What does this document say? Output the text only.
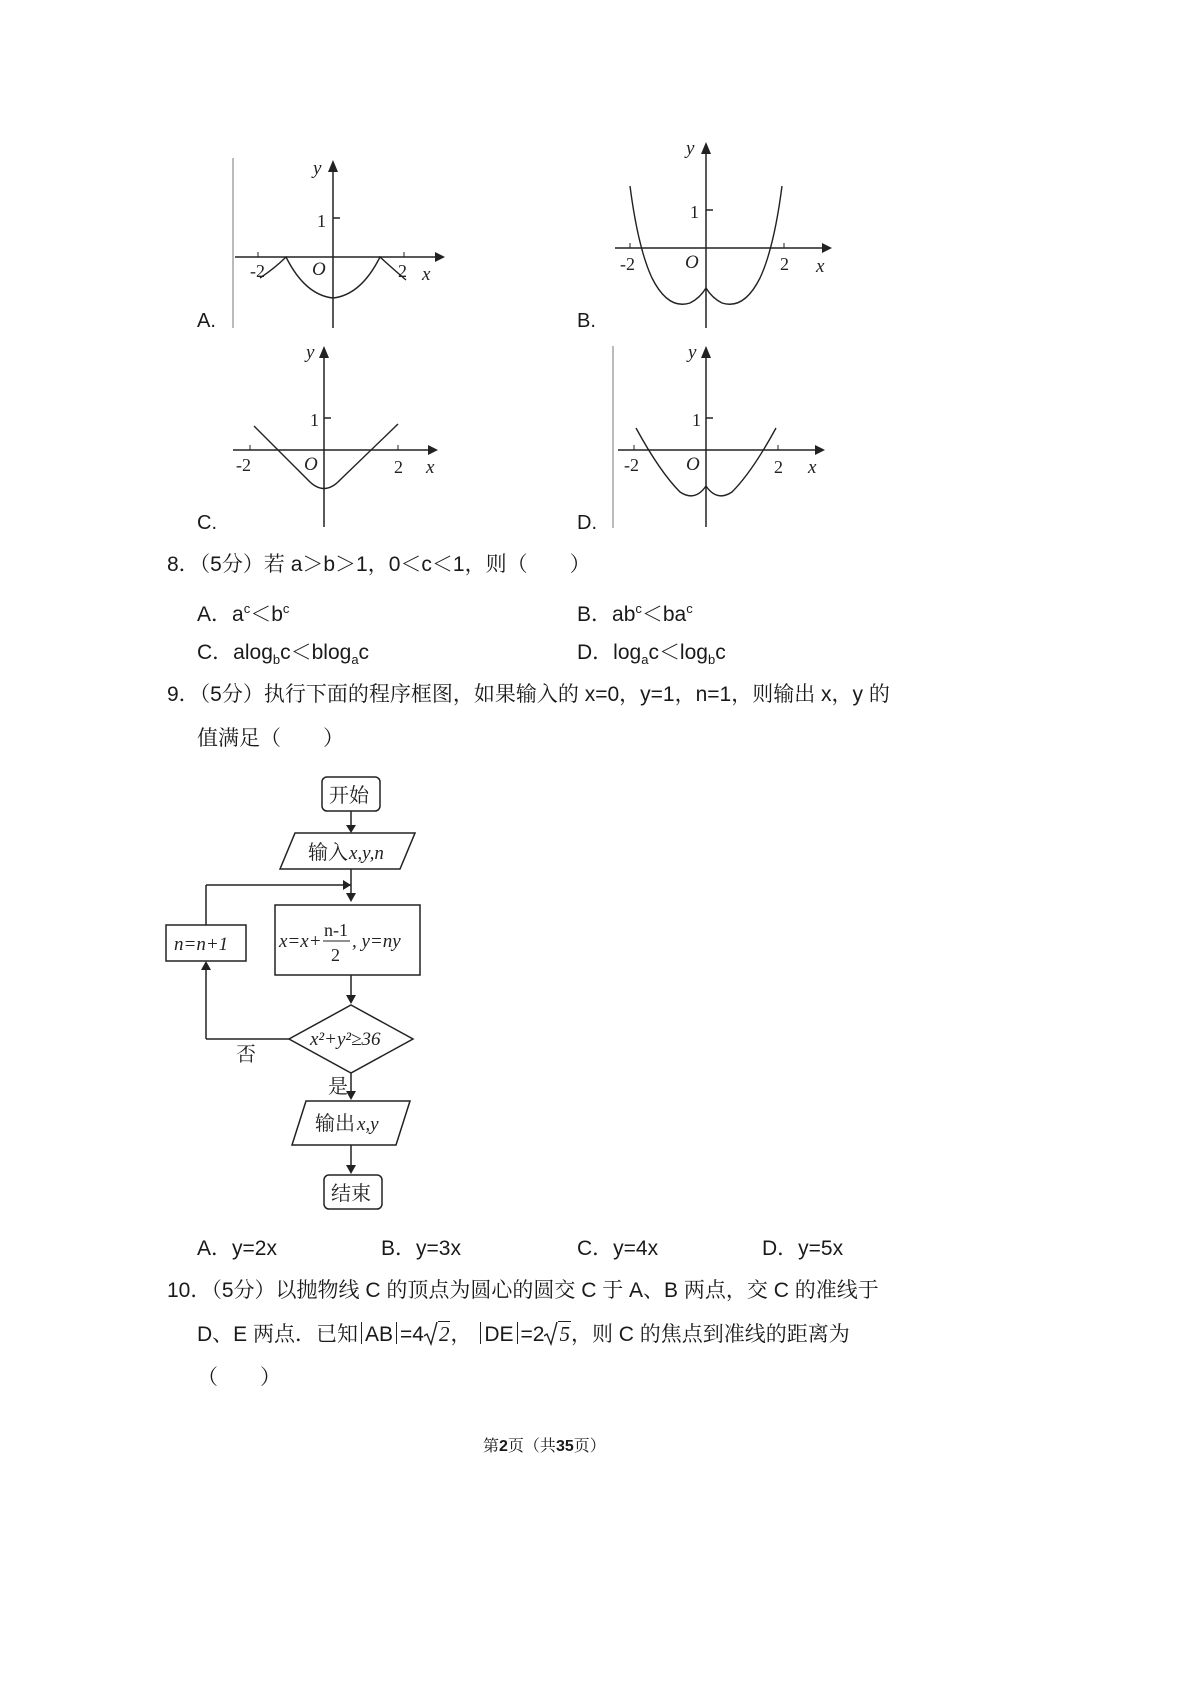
y
1
-2 O	2 x
A.
y
1
-2	O	2 x
B.
y
1
-2	O	2 x
C.
y
1
-2 O	2 x
D.
8．（5分）若 a＞b＞1，0＜c＜1，则（　　）
A．$a^c<b^c$	B．$ab^c<ba^c$
C．alog$_b$c＜blog$_a$c	D．$\log_ac<\log_bc$
9．（5分）执行下面的程序框图，如果输入的 x=0，y=1，n=1，则输出 x，y 的
值满足（　　）
开始
输入 x,y,n
x=x+
n-1
2
, y=ny
n=n+1
x²+y²≥36
否
是
输出 x,y
结束
A．y=2x	B．y=3x	C．y=4x	D．y=5x
10．（5分）以抛物线 C 的顶点为圆心的圆交 C 于 A、B 两点，交 C 的准线于
D、E 两点．已知 AB =4 2， DE =2 5，则 C 的焦点到准线的距离为
（　　）
第2页（共35页）
